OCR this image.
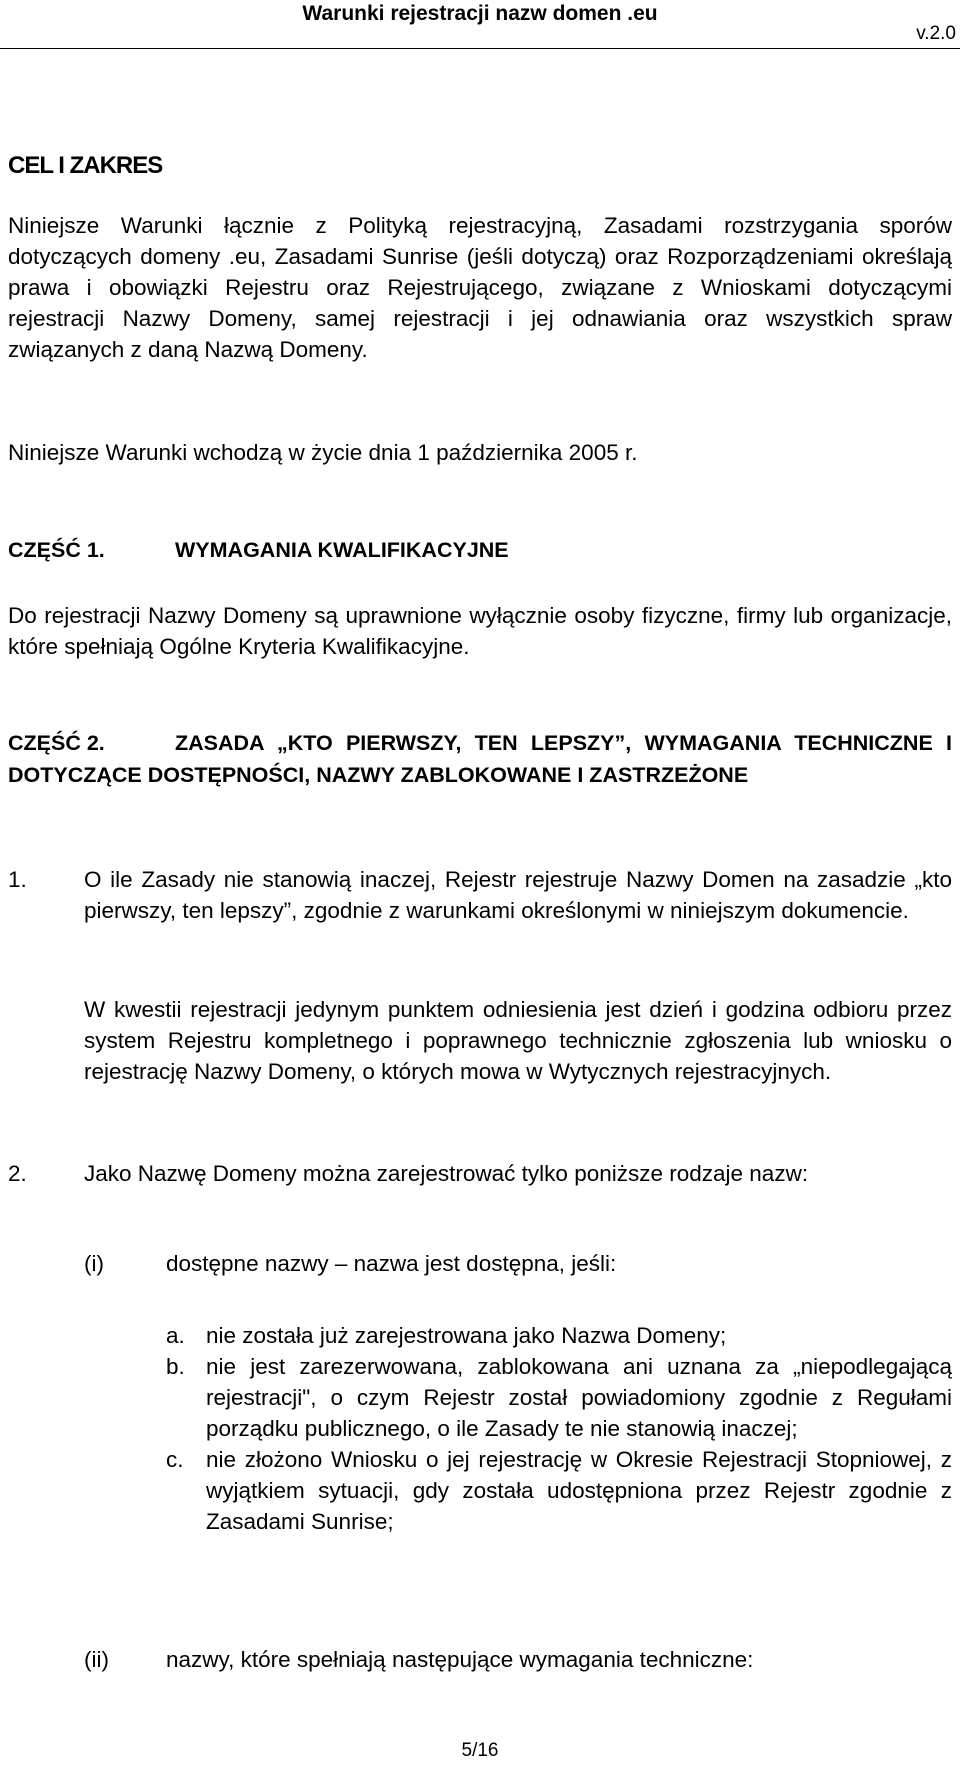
Warunki rejestracji nazw domen .eu
v.2.0
CEL I ZAKRES
Niniejsze Warunki łącznie z Polityką rejestracyjną, Zasadami rozstrzygania sporów dotyczących domeny .eu, Zasadami Sunrise (jeśli dotyczą) oraz Rozporządzeniami określają prawa i obowiązki Rejestru oraz Rejestrującego, związane z Wnioskami dotyczącymi rejestracji Nazwy Domeny, samej rejestracji i jej odnawiania oraz wszystkich spraw związanych z daną Nazwą Domeny.
Niniejsze Warunki wchodzą w życie dnia 1 października 2005 r.
CZĘŚĆ 1.	WYMAGANIA KWALIFIKACYJNE
Do rejestracji Nazwy Domeny są uprawnione wyłącznie osoby fizyczne, firmy lub organizacje, które spełniają Ogólne Kryteria Kwalifikacyjne.
CZĘŚĆ 2.	ZASADA „KTO PIERWSZY, TEN LEPSZY”, WYMAGANIA TECHNICZNE I DOTYCZĄCE DOSTĘPNOŚCI, NAZWY ZABLOKOWANE I ZASTRZEŻONE
1.	O ile Zasady nie stanowią inaczej, Rejestr rejestruje Nazwy Domen na zasadzie „kto pierwszy, ten lepszy”, zgodnie z warunkami określonymi w niniejszym dokumencie.
W kwestii rejestracji jedynym punktem odniesienia jest dzień i godzina odbioru przez system Rejestru kompletnego i poprawnego technicznie zgłoszenia lub wniosku o rejestrację Nazwy Domeny, o których mowa w Wytycznych rejestracyjnych.
2.	Jako Nazwę Domeny można zarejestrować tylko poniższe rodzaje nazw:
(i)	dostępne nazwy – nazwa jest dostępna, jeśli:
a. nie została już zarejestrowana jako Nazwa Domeny;
b. nie jest zarezerwowana, zablokowana ani uznana za „niepodlegającą rejestracji", o czym Rejestr został powiadomiony zgodnie z Regułami porządku publicznego, o ile Zasady te nie stanowią inaczej;
c. nie złożono Wniosku o jej rejestrację w Okresie Rejestracji Stopniowej, z wyjątkiem sytuacji, gdy została udostępniona przez Rejestr zgodnie z Zasadami Sunrise;
(ii)	nazwy, które spełniają następujące wymagania techniczne:
5/16
